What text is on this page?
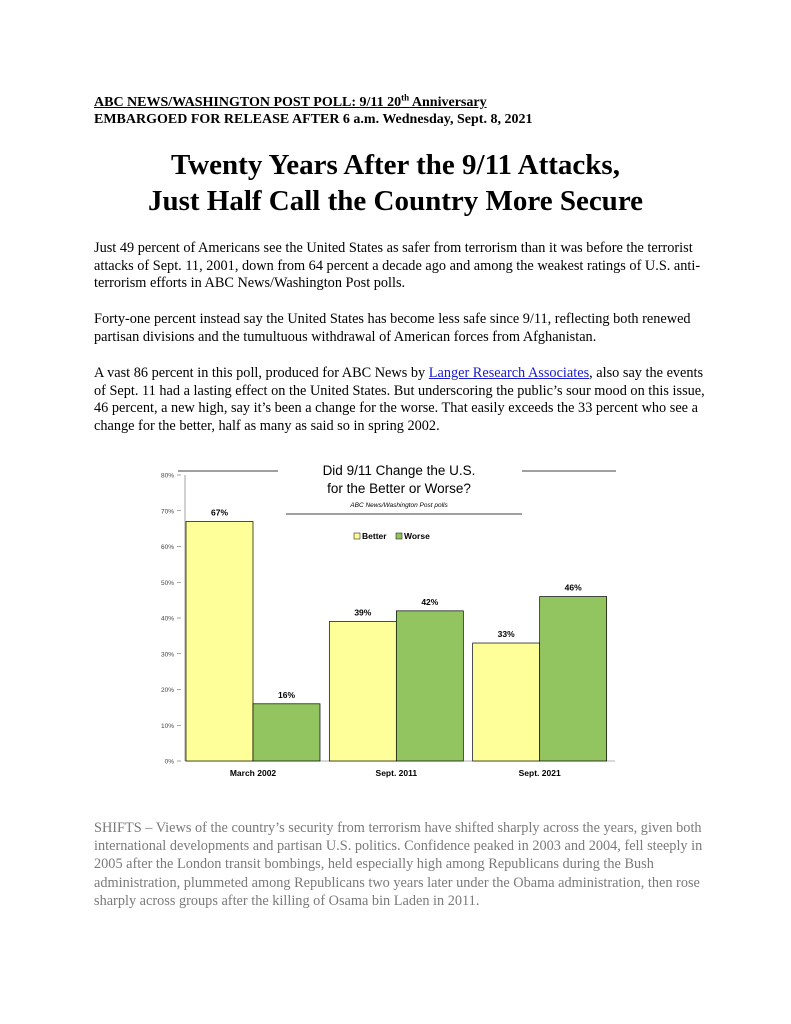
ABC NEWS/WASHINGTON POST POLL: 9/11 20th Anniversary
EMBARGOED FOR RELEASE AFTER 6 a.m. Wednesday, Sept. 8, 2021
Twenty Years After the 9/11 Attacks,
Just Half Call the Country More Secure
Just 49 percent of Americans see the United States as safer from terrorism than it was before the terrorist attacks of Sept. 11, 2001, down from 64 percent a decade ago and among the weakest ratings of U.S. anti-terrorism efforts in ABC News/Washington Post polls.
Forty-one percent instead say the United States has become less safe since 9/11, reflecting both renewed partisan divisions and the tumultuous withdrawal of American forces from Afghanistan.
A vast 86 percent in this poll, produced for ABC News by Langer Research Associates, also say the events of Sept. 11 had a lasting effect on the United States. But underscoring the public’s sour mood on this issue, 46 percent, a new high, say it’s been a change for the worse. That easily exceeds the 33 percent who see a change for the better, half as many as said so in spring 2002.
0%
10%
20%
30%
40%
50%
60%
70%
80%
67%
16%
39%
42%
33%
46%
March 2002	Sept. 2011	Sept. 2021
Did 9/11 Change the U.S.
for the Better or Worse?
ABC News/Washington Post polls
Better Worse
SHIFTS – Views of the country’s security from terrorism have shifted sharply across the years, given both international developments and partisan U.S. politics. Confidence peaked in 2003 and 2004, fell steeply in 2005 after the London transit bombings, held especially high among Republicans during the Bush administration, plummeted among Republicans two years later under the Obama administration, then rose sharply across groups after the killing of Osama bin Laden in 2011.
